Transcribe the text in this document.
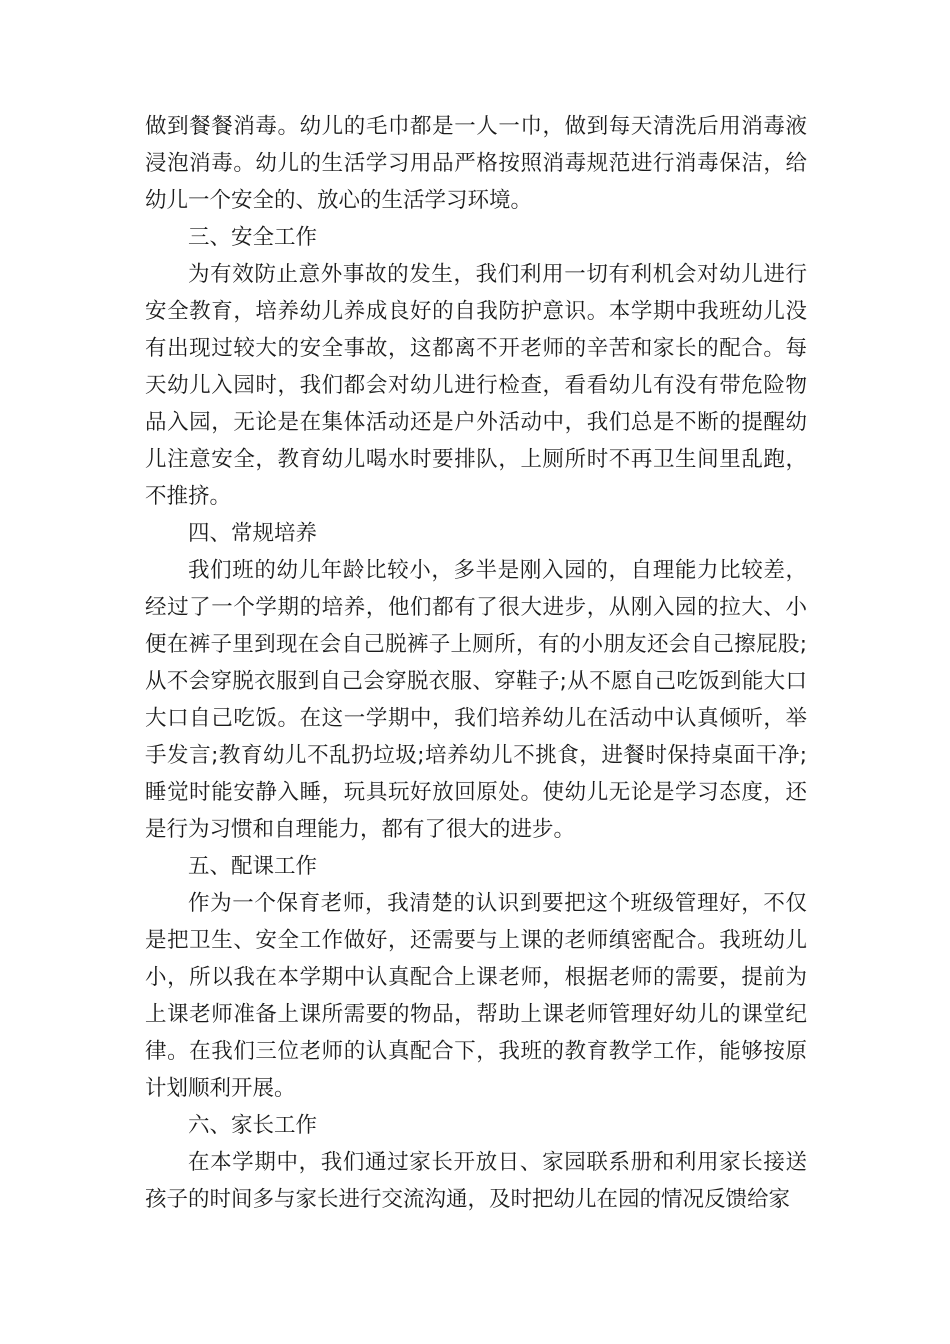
做到餐餐消毒。幼儿的毛巾都是一人一巾，做到每天清洗后用消毒液浸泡消毒。幼儿的生活学习用品严格按照消毒规范进行消毒保洁，给幼儿一个安全的、放心的生活学习环境。

三、安全工作

为有效防止意外事故的发生，我们利用一切有利机会对幼儿进行安全教育，培养幼儿养成良好的自我防护意识。本学期中我班幼儿没有出现过较大的安全事故，这都离不开老师的辛苦和家长的配合。每天幼儿入园时，我们都会对幼儿进行检查，看看幼儿有没有带危险物品入园，无论是在集体活动还是户外活动中，我们总是不断的提醒幼儿注意安全，教育幼儿喝水时要排队，上厕所时不再卫生间里乱跑，不推挤。

四、常规培养

我们班的幼儿年龄比较小，多半是刚入园的，自理能力比较差，经过了一个学期的培养，他们都有了很大进步，从刚入园的拉大、小便在裤子里到现在会自己脱裤子上厕所，有的小朋友还会自己擦屁股;从不会穿脱衣服到自己会穿脱衣服、穿鞋子;从不愿自己吃饭到能大口大口自己吃饭。在这一学期中，我们培养幼儿在活动中认真倾听，举手发言;教育幼儿不乱扔垃圾;培养幼儿不挑食，进餐时保持桌面干净;睡觉时能安静入睡，玩具玩好放回原处。使幼儿无论是学习态度，还是行为习惯和自理能力，都有了很大的进步。

五、配课工作

作为一个保育老师，我清楚的认识到要把这个班级管理好，不仅是把卫生、安全工作做好，还需要与上课的老师缜密配合。我班幼儿小，所以我在本学期中认真配合上课老师，根据老师的需要，提前为上课老师准备上课所需要的物品，帮助上课老师管理好幼儿的课堂纪律。在我们三位老师的认真配合下，我班的教育教学工作，能够按原计划顺利开展。

六、家长工作

在本学期中，我们通过家长开放日、家园联系册和利用家长接送孩子的时间多与家长进行交流沟通，及时把幼儿在园的情况反馈给家
